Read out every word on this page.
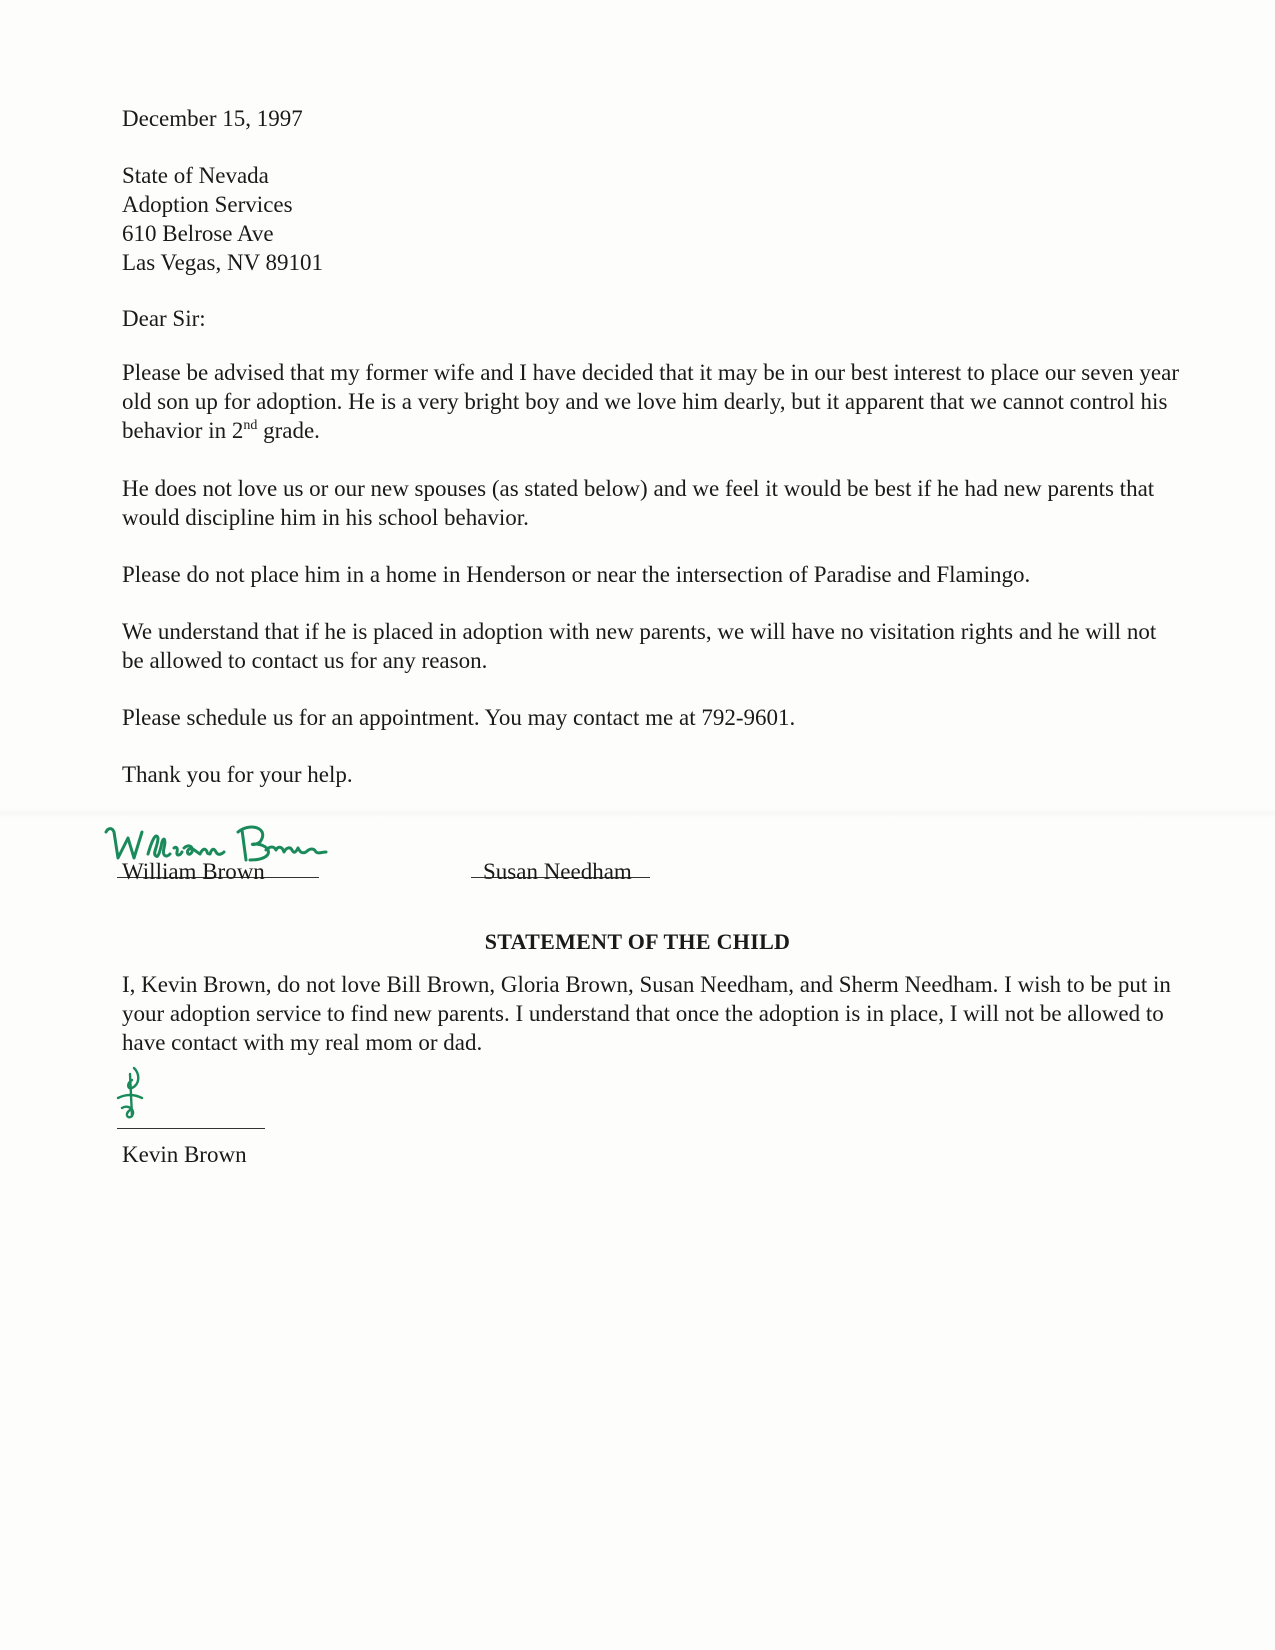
December 15, 1997
State of Nevada
Adoption Services
610 Belrose Ave
Las Vegas, NV 89101
Dear Sir:
Please be advised that my former wife and I have decided that it may be in our best interest to place our seven year old son up for adoption. He is a very bright boy and we love him dearly, but it apparent that we cannot control his behavior in 2nd grade.
He does not love us or our new spouses (as stated below) and we feel it would be best if he had new parents that would discipline him in his school behavior.
Please do not place him in a home in Henderson or near the intersection of Paradise and Flamingo.
We understand that if he is placed in adoption with new parents, we will have no visitation rights and he will not be allowed to contact us for any reason.
Please schedule us for an appointment. You may contact me at 792-9601.
Thank you for your help.
William Brown	Susan Needham
STATEMENT OF THE CHILD
I, Kevin Brown, do not love Bill Brown, Gloria Brown, Susan Needham, and Sherm Needham. I wish to be put in your adoption service to find new parents. I understand that once the adoption is in place, I will not be allowed to have contact with my real mom or dad.
Kevin Brown
